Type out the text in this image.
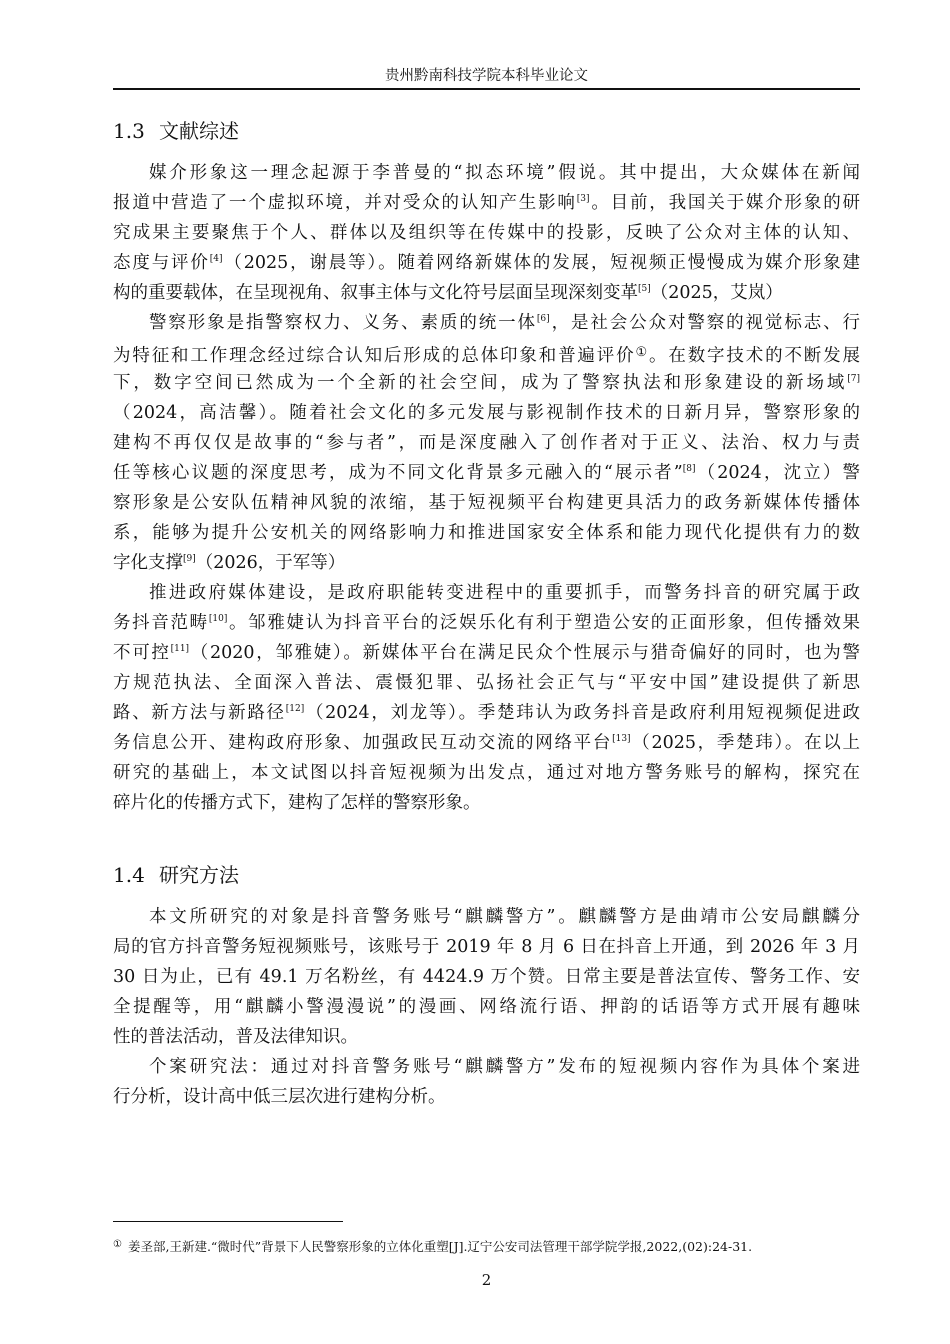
贵州黔南科技学院本科毕业论文
1.3 文献综述
媒介形象这一理念起源于李普曼的“拟态环境”假说。其中提出，大众媒体在新闻
报道中营造了一个虚拟环境，并对受众的认知产生影响[3]。目前，我国关于媒介形象的研
究成果主要聚焦于个人、群体以及组织等在传媒中的投影，反映了公众对主体的认知、
态度与评价[4]（2025，谢晨等）。随着网络新媒体的发展，短视频正慢慢成为媒介形象建
构的重要载体，在呈现视角、叙事主体与文化符号层面呈现深刻变革[5]（2025，艾岚）
警察形象是指警察权力、义务、素质的统一体[6]，是社会公众对警察的视觉标志、行
为特征和工作理念经过综合认知后形成的总体印象和普遍评价①。在数字技术的不断发展
下，数字空间已然成为一个全新的社会空间，成为了警察执法和形象建设的新场域[7]
（2024，高洁馨）。随着社会文化的多元发展与影视制作技术的日新月异，警察形象的
建构不再仅仅是故事的“参与者”，而是深度融入了创作者对于正义、法治、权力与责
任等核心议题的深度思考，成为不同文化背景多元融入的“展示者”[8]（2024，沈立）警
察形象是公安队伍精神风貌的浓缩，基于短视频平台构建更具活力的政务新媒体传播体
系，能够为提升公安机关的网络影响力和推进国家安全体系和能力现代化提供有力的数
字化支撑[9]（2026，于军等）
推进政府媒体建设，是政府职能转变进程中的重要抓手，而警务抖音的研究属于政
务抖音范畴[10]。邹雅婕认为抖音平台的泛娱乐化有利于塑造公安的正面形象，但传播效果
不可控[11]（2020，邹雅婕）。新媒体平台在满足民众个性展示与猎奇偏好的同时，也为警
方规范执法、全面深入普法、震慑犯罪、弘扬社会正气与“平安中国”建设提供了新思
路、新方法与新路径[12]（2024，刘龙等）。季楚玮认为政务抖音是政府利用短视频促进政
务信息公开、建构政府形象、加强政民互动交流的网络平台[13]（2025，季楚玮）。在以上
研究的基础上，本文试图以抖音短视频为出发点，通过对地方警务账号的解构，探究在
碎片化的传播方式下，建构了怎样的警察形象。
1.4 研究方法
本文所研究的对象是抖音警务账号“麒麟警方”。麒麟警方是曲靖市公安局麒麟分
局的官方抖音警务短视频账号，该账号于 2019 年 8 月 6 日在抖音上开通，到 2026 年 3 月
30 日为止，已有 49.1 万名粉丝，有 4424.9 万个赞。日常主要是普法宣传、警务工作、安
全提醒等，用“麒麟小警漫漫说”的漫画、网络流行语、押韵的话语等方式开展有趣味
性的普法活动，普及法律知识。
个案研究法：通过对抖音警务账号“麒麟警方”发布的短视频内容作为具体个案进
行分析，设计高中低三层次进行建构分析。
① 姜圣部,王新建.“微时代”背景下人民警察形象的立体化重塑[J].辽宁公安司法管理干部学院学报,2022,(02):24-31.
2
